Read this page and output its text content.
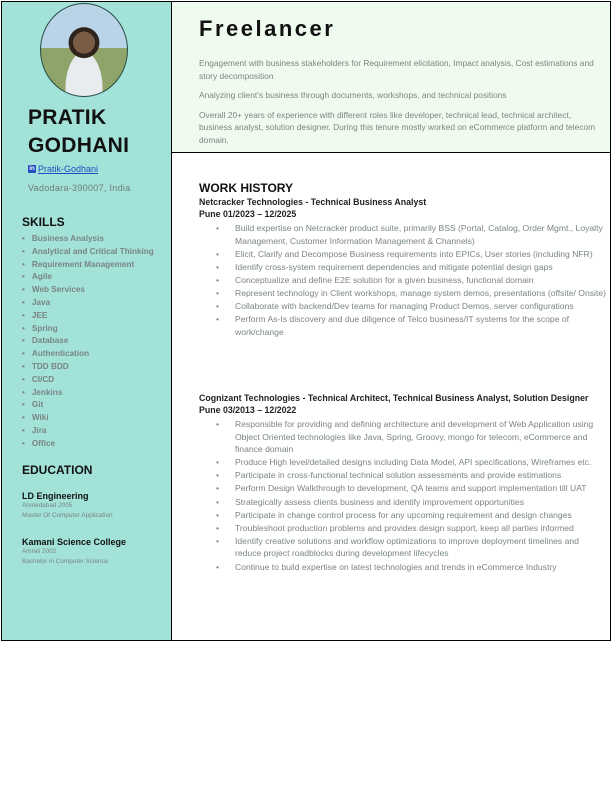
PRATIK
GODHANI
in Pratik-Godhani
Vadodara-390007, India
SKILLS
• Business Analysis
• Analytical and Critical Thinking
• Requirement Management
• Agile
• Web Services
• Java
• JEE
• Spring
• Database
• Authentication
• TDD BDD
• CI/CD
• Jenkins
• Git
• Wiki
• Jira
• Office
EDUCATION
LD Engineering
Ahmedabad 2005
Master Of Computer Application
Kamani Science College
Amreli 2002
Bachelor in Computer Science
Freelancer

Engagement with business stakeholders for Requirement elicitation, Impact analysis, Cost estimations and story decomposition

Analyzing client’s business through documents, workshops, and technical positions

Overall 20+ years of experience with different roles like developer, technical lead, technical architect, business analyst, solution designer. During this tenure mostly worked on eCommerce platform and telecom domain.

WORK HISTORY
Netcracker Technologies - Technical Business Analyst
Pune 01/2023 – 12/2025
• Build expertise on Netcracker product suite, primarily BSS (Portal, Catalog, Order Mgmt., Loyalty Management, Customer Information Management & Channels)
• Elicit, Clarify and Decompose Business requirements into EPICs, User stories (including NFR)
• Identify cross-system requirement dependencies and mitigate potential design gaps
• Conceptualize and define E2E solution for a given business, functional domain
• Represent technology in Client workshops, manage system demos, presentations (offsite/ Onsite)
• Collaborate with backend/Dev teams for managing Product Demos, server configurations
• Perform As-Is discovery and due diligence of Telco business/IT systems for the scope of work/change
Cognizant Technologies - Technical Architect, Technical Business Analyst, Solution Designer
Pune 03/2013 – 12/2022
• Responsible for providing and defining architecture and development of Web Application using Object Oriented technologies like Java, Spring, Groovy, mongo for telecom, eCommerce and finance domain
• Produce High level/detailed designs including Data Model, API specifications, Wireframes etc.
• Participate in cross-functional technical solution assessments and provide estimations
• Perform Design Walkthrough to development, QA teams and support implementation till UAT
• Strategically assess clients business and identify improvement opportunities
• Participate in change control process for any upcoming requirement and design changes
• Troubleshoot production problems and provides design support, keep all parties informed
• Identify creative solutions and workflow optimizations to improve deployment timelines and reduce project roadblocks during development lifecycles
• Continue to build expertise on latest technologies and trends in eCommerce Industry
